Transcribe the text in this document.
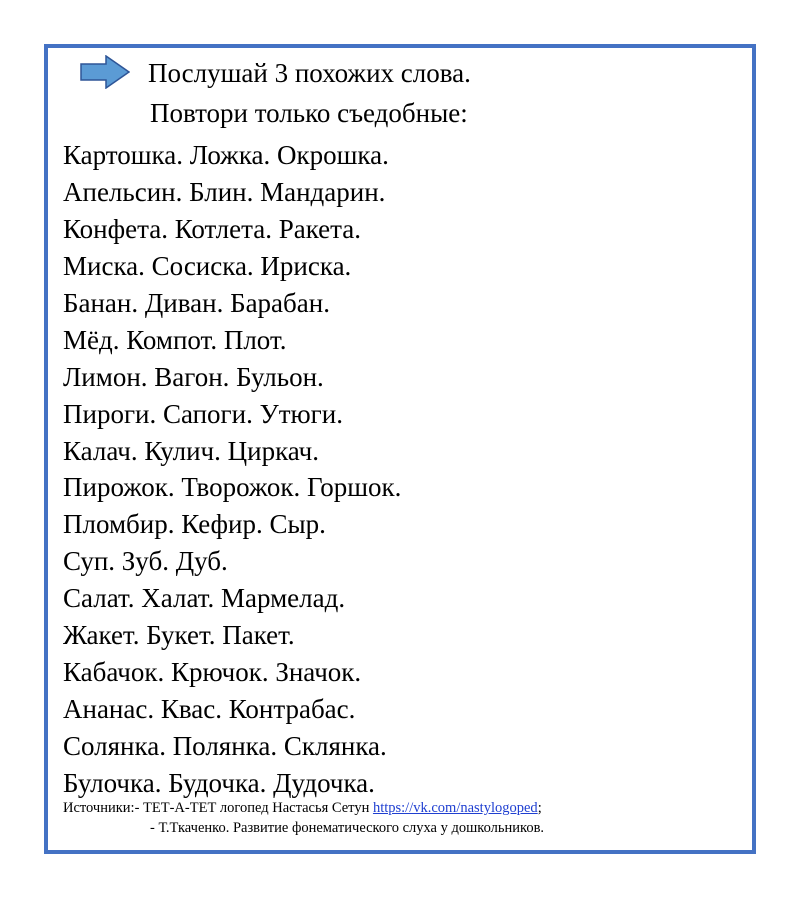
Послушай 3 похожих слова.
Повтори только съедобные:
Картошка. Ложка. Окрошка.
Апельсин. Блин. Мандарин.
Конфета. Котлета. Ракета.
Миска. Сосиска. Ириска.
Банан. Диван. Барабан.
Мёд. Компот. Плот.
Лимон. Вагон. Бульон.
Пироги. Сапоги. Утюги.
Калач. Кулич. Циркач.
Пирожок. Творожок. Горшок.
Пломбир. Кефир. Сыр.
Суп. Зуб. Дуб.
Салат. Халат. Мармелад.
Жакет. Букет. Пакет.
Кабачок. Крючок. Значок.
Ананас. Квас. Контрабас.
Солянка. Полянка. Склянка.
Булочка. Будочка. Дудочка.
Источники:- ТЕТ-А-ТЕТ логопед Настасья Сетун https://vk.com/nastylogoped;
- Т.Ткаченко. Развитие фонематического слуха у дошкольников.
